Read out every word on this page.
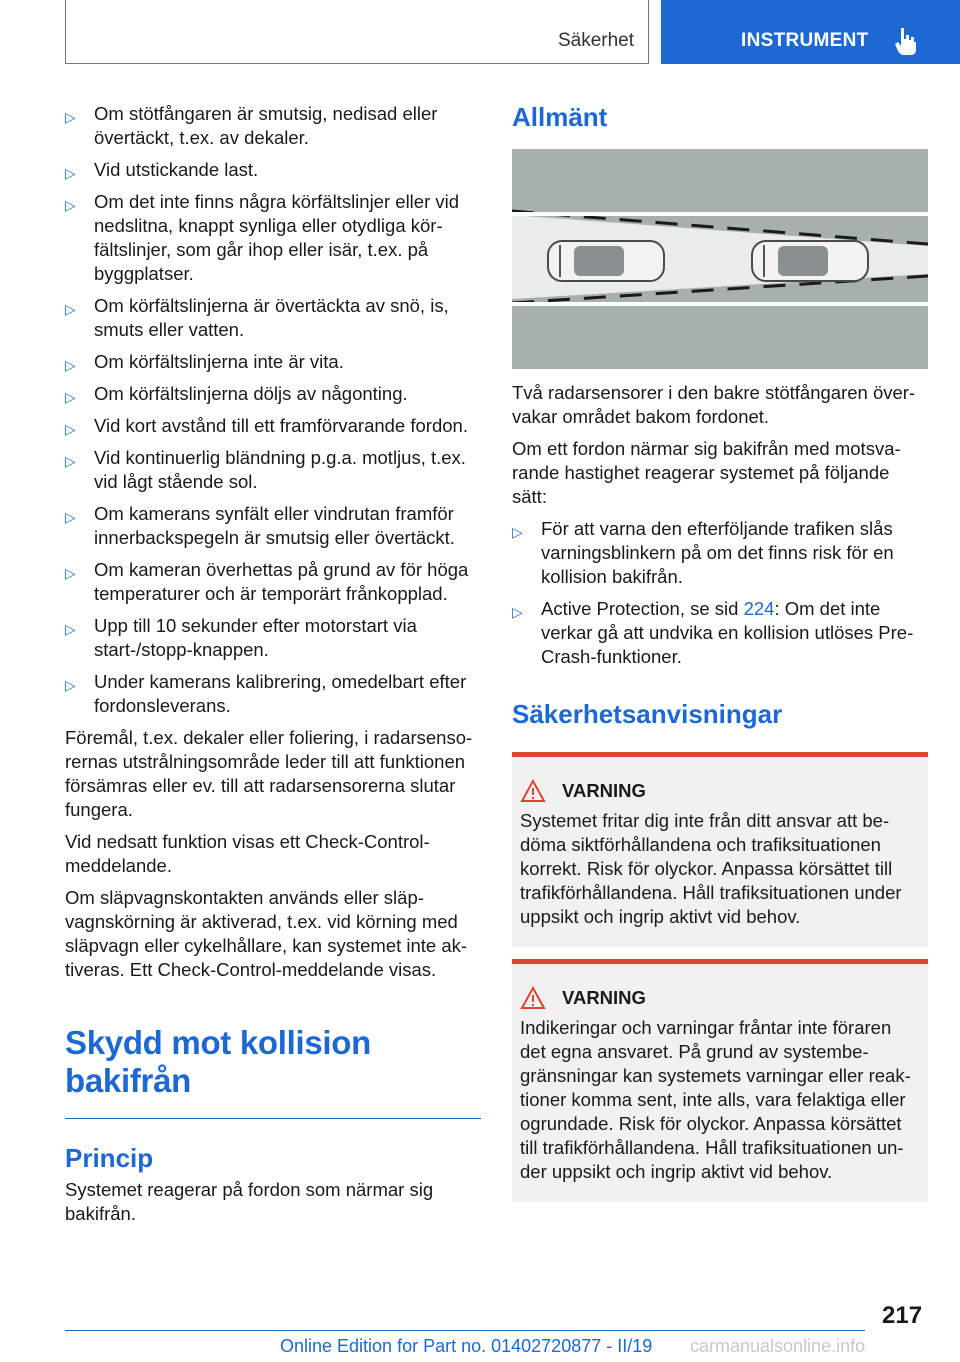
Säkerhet	INSTRUMENT
▷ Om stötfångaren är smutsig, nedisad eller övertäckt, t.ex. av dekaler.
▷ Vid utstickande last.
▷ Om det inte finns några körfältslinjer eller vid nedslitna, knappt synliga eller otydliga kör-fältslinjer, som går ihop eller isär, t.ex. på byggplatser.
▷ Om körfältslinjerna är övertäckta av snö, is, smuts eller vatten.
▷ Om körfältslinjerna inte är vita.
▷ Om körfältslinjerna döljs av någonting.
▷ Vid kort avstånd till ett framförvarande fordon.
▷ Vid kontinuerlig bländning p.g.a. motljus, t.ex. vid lågt stående sol.
▷ Om kamerans synfält eller vindrutan framför innerbackspegeln är smutsig eller övertäckt.
▷ Om kameran överhettas på grund av för höga temperaturer och är temporärt frånkopplad.
▷ Upp till 10 sekunder efter motorstart via start-/stopp-knappen.
▷ Under kamerans kalibrering, omedelbart efter fordonsleverans.

Föremål, t.ex. dekaler eller foliering, i radarsenso-rernas utstrålningsområde leder till att funktionen försämras eller ev. till att radarsensorerna slutar fungera.

Vid nedsatt funktion visas ett Check-Control-meddelande.

Om släpvagnskontakten används eller släp-vagnskörning är aktiverad, t.ex. vid körning med släpvagn eller cykelhållare, kan systemet inte ak-tiveras. Ett Check-Control-meddelande visas.

Skydd mot kollision bakifrån
Princip

Systemet reagerar på fordon som närmar sig bakifrån.

Allmänt

Två radarsensorer i den bakre stötfångaren över-vakar området bakom fordonet.

Om ett fordon närmar sig bakifrån med motsva-rande hastighet reagerar systemet på följande sätt:

▷ För att varna den efterföljande trafiken slås varningsblinkern på om det finns risk för en kollision bakifrån.
▷ Active Protection, se sid 224: Om det inte verkar gå att undvika en kollision utlöses Pre-Crash-funktioner.
Säkerhetsanvisningar
VARNING
Systemet fritar dig inte från ditt ansvar att be-döma siktförhållandena och trafiksituationen korrekt. Risk för olyckor. Anpassa körsättet till trafikförhållandena. Håll trafiksituationen under uppsikt och ingrip aktivt vid behov.
VARNING
Indikeringar och varningar fråntar inte föraren det egna ansvaret. På grund av systembe-gränsningar kan systemets varningar eller reak-tioner komma sent, inte alls, vara felaktiga eller ogrundade. Risk för olyckor. Anpassa körsättet till trafikförhållandena. Håll trafiksituationen un-der uppsikt och ingrip aktivt vid behov.
217
Online Edition for Part no. 01402720877 - II/19 carmanualsonline.info
